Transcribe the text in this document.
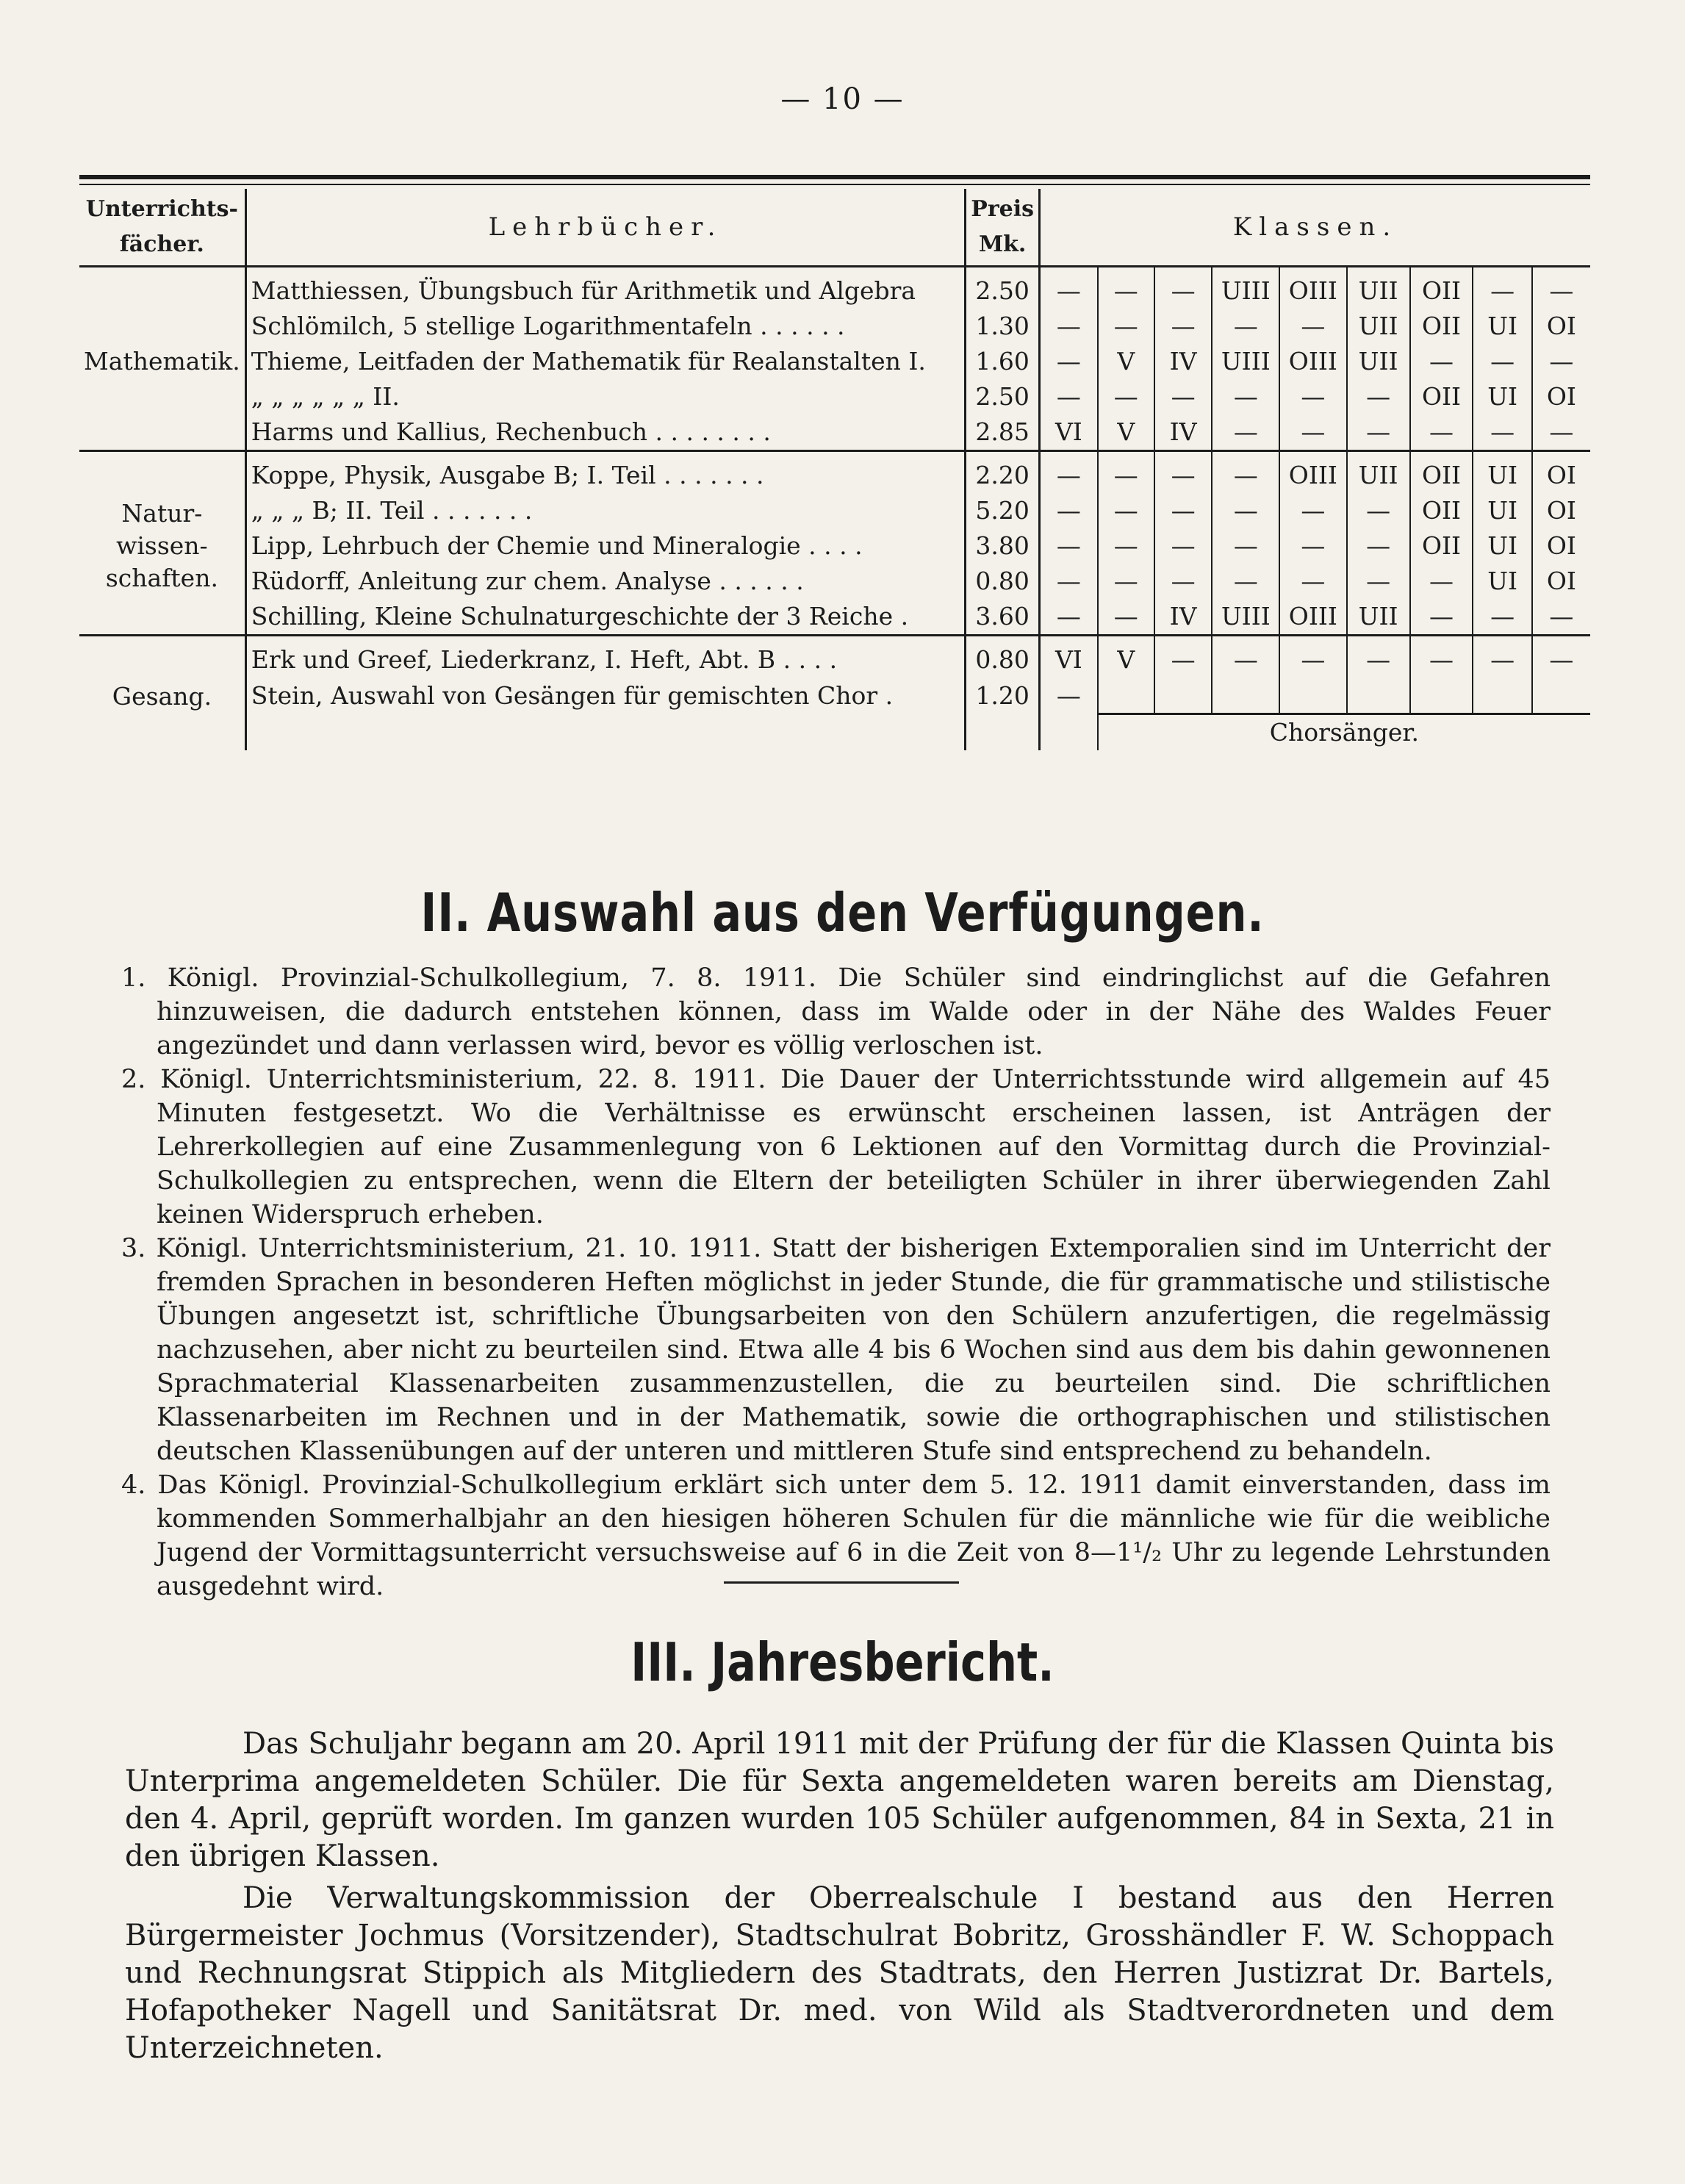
— 10 —
Unterrichts-
fächer.	Lehrbücher.	Preis
Mk.	Klassen.								
Mathematik.	Matthiessen, Übungsbuch für Arithmetik und Algebra	2.50	—	—	—	UIII	OIII	UII	OII	—	—
	Schlömilch, 5 stellige Logarithmentafeln . . . . . .	1.30	—	—	—	—	—	UII	OII	UI	OI
	Thieme, Leitfaden der Mathematik für Realanstalten I.	1.60	—	V	IV	UIII	OIII	UII	—	—	—
	„ „ „ „ „ „ II.	2.50	—	—	—	—	—	—	OII	UI	OI
	Harms und Kallius, Rechenbuch . . . . . . . .	2.85	VI	V	IV	—	—	—	—	—	—
Natur-
wissen-
schaften.	Koppe, Physik, Ausgabe B; I. Teil . . . . . . .	2.20	—	—	—	—	OIII	UII	OII	UI	OI
	„ „ „ B; II. Teil . . . . . . .	5.20	—	—	—	—	—	—	OII	UI	OI
	Lipp, Lehrbuch der Chemie und Mineralogie . . . .	3.80	—	—	—	—	—	—	OII	UI	OI
	Rüdorff, Anleitung zur chem. Analyse . . . . . .	0.80	—	—	—	—	—	—	—	UI	OI
	Schilling, Kleine Schulnaturgeschichte der 3 Reiche .	3.60	—	—	IV	UIII	OIII	UII	—	—	—
Gesang.	Erk und Greef, Liederkranz, I. Heft, Abt. B . . . .	0.80	VI	V	—	—	—	—	—	—	—
	Stein, Auswahl von Gesängen für gemischten Chor .	1.20	—								
				Chorsänger.							
II. Auswahl aus den Verfügungen.
1. Königl. Provinzial-Schulkollegium, 7. 8. 1911. Die Schüler sind eindringlichst auf die Gefahren hinzuweisen, die dadurch entstehen können, dass im Walde oder in der Nähe des Waldes Feuer angezündet und dann verlassen wird, bevor es völlig verloschen ist.
2. Königl. Unterrichtsministerium, 22. 8. 1911. Die Dauer der Unterrichtsstunde wird allgemein auf 45 Minuten festgesetzt. Wo die Verhältnisse es erwünscht erscheinen lassen, ist Anträgen der Lehrerkollegien auf eine Zusammenlegung von 6 Lektionen auf den Vormittag durch die Provinzial-Schulkollegien zu entsprechen, wenn die Eltern der beteiligten Schüler in ihrer überwiegenden Zahl keinen Widerspruch erheben.
3. Königl. Unterrichtsministerium, 21. 10. 1911. Statt der bisherigen Extemporalien sind im Unterricht der fremden Sprachen in besonderen Heften möglichst in jeder Stunde, die für grammatische und stilistische Übungen angesetzt ist, schriftliche Übungsarbeiten von den Schülern anzufertigen, die regelmässig nachzusehen, aber nicht zu beurteilen sind. Etwa alle 4 bis 6 Wochen sind aus dem bis dahin gewonnenen Sprachmaterial Klassenarbeiten zusammenzustellen, die zu beurteilen sind. Die schriftlichen Klassenarbeiten im Rechnen und in der Mathematik, sowie die orthographischen und stilistischen deutschen Klassenübungen auf der unteren und mittleren Stufe sind entsprechend zu behandeln.
4. Das Königl. Provinzial-Schulkollegium erklärt sich unter dem 5. 12. 1911 damit einverstanden, dass im kommenden Sommerhalbjahr an den hiesigen höheren Schulen für die männliche wie für die weibliche Jugend der Vormittagsunterricht versuchsweise auf 6 in die Zeit von 8—1¹/₂ Uhr zu legende Lehrstunden ausgedehnt wird.
III. Jahresbericht.

Das Schuljahr begann am 20. April 1911 mit der Prüfung der für die Klassen Quinta bis Unterprima angemeldeten Schüler. Die für Sexta angemeldeten waren bereits am Dienstag, den 4. April, geprüft worden. Im ganzen wurden 105 Schüler aufgenommen, 84 in Sexta, 21 in den übrigen Klassen.

Die Verwaltungskommission der Oberrealschule I bestand aus den Herren Bürgermeister Jochmus (Vorsitzender), Stadtschulrat Bobritz, Grosshändler F. W. Schoppach und Rechnungsrat Stippich als Mitgliedern des Stadtrats, den Herren Justizrat Dr. Bartels, Hofapotheker Nagell und Sanitätsrat Dr. med. von Wild als Stadtverordneten und dem Unterzeichneten.
